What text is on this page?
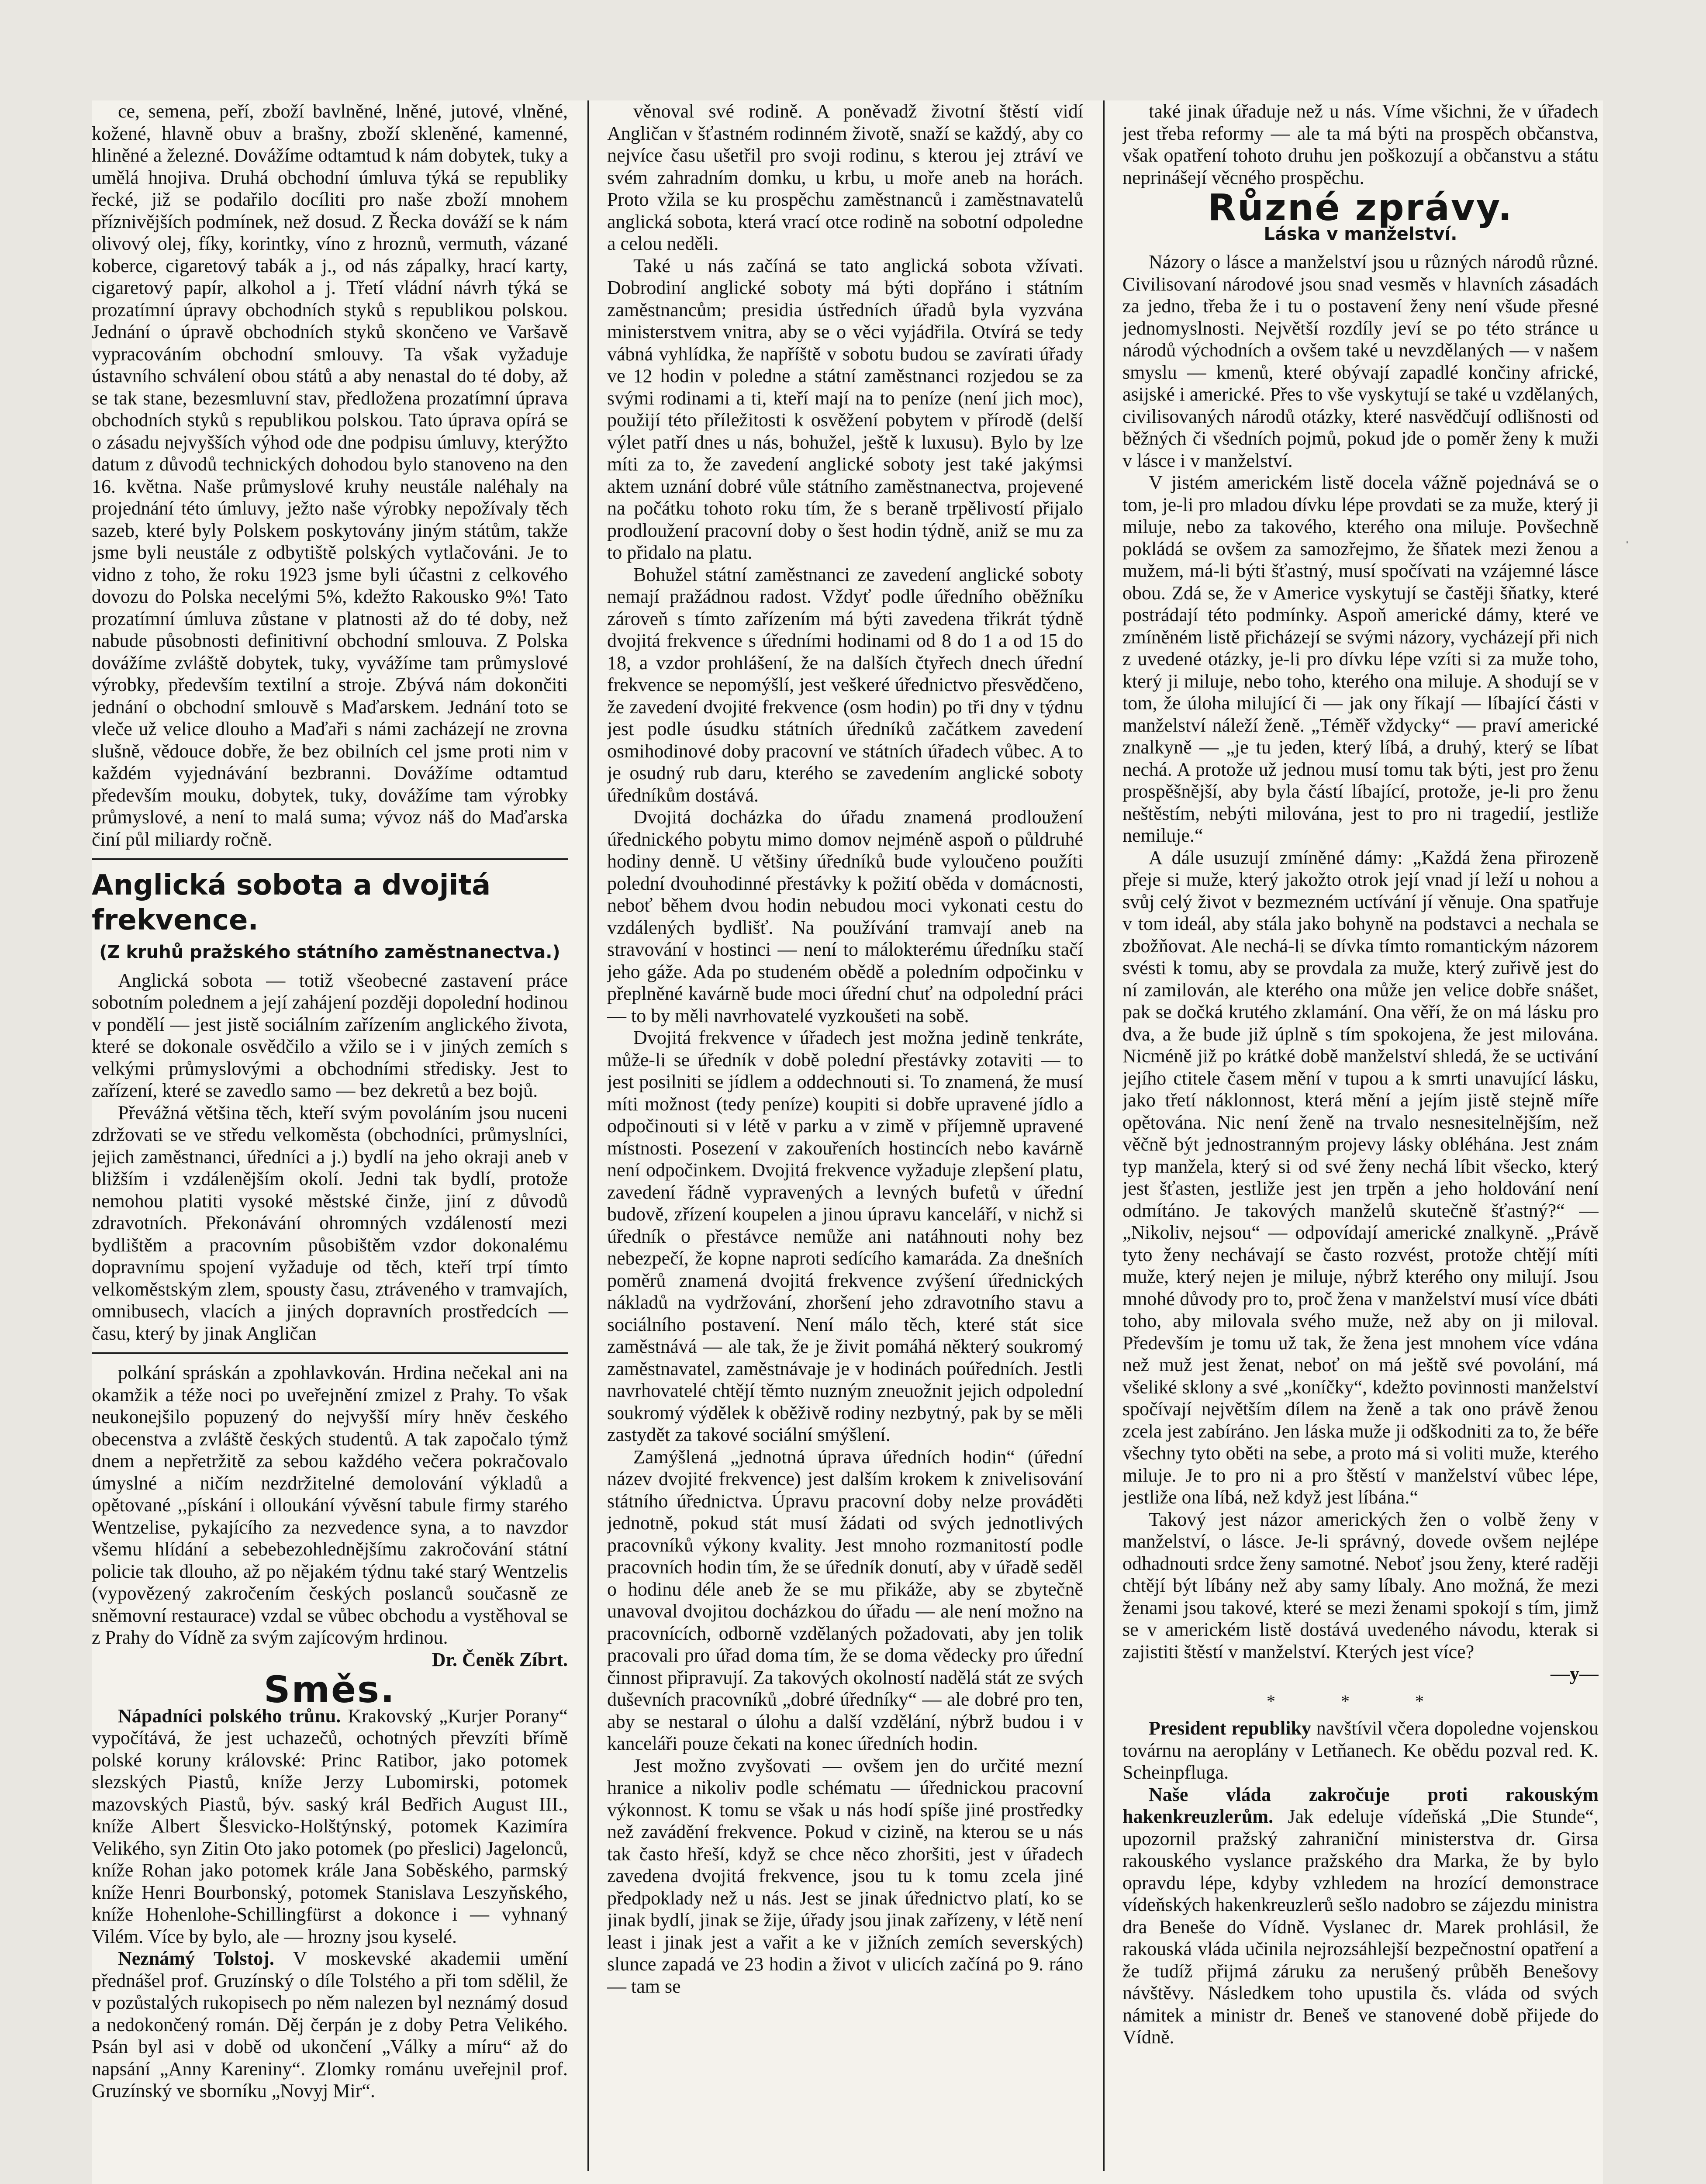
ce, semena, peří, zboží bavlněné, lněné, jutové, vlněné, kožené, hlavně obuv a brašny, zboží skleněné, kamenné, hliněné a železné. Dovážíme odtamtud k nám dobytek, tuky a umělá hnojiva. Druhá obchodní úmluva týká se republiky řecké, již se podařilo docíliti pro naše zboží mnohem příznivějších podmínek, než dosud. Z Řecka dováží se k nám olivový olej, fíky, korintky, víno z hroznů, vermuth, vázané koberce, cigaretový tabák a j., od nás zápalky, hrací karty, cigaretový papír, alkohol a j. Třetí vládní návrh týká se prozatímní úpravy obchodních styků s republikou polskou. Jednání o úpravě obchodních styků skončeno ve Varšavě vypracováním obchodní smlouvy. Ta však vyžaduje ústavního schválení obou států a aby nenastal do té doby, až se tak stane, bezesmluvní stav, předložena prozatímní úprava obchodních styků s republikou polskou. Tato úprava opírá se o zásadu nejvyšších výhod ode dne podpisu úmluvy, kterýžto datum z důvodů technických dohodou bylo stanoveno na den 16. května. Naše průmyslové kruhy neustále naléhaly na projednání této úmluvy, ježto naše výrobky nepožívaly těch sazeb, které byly Polskem poskytovány jiným státům, takže jsme byli neustále z odbytiště polských vytlačováni. Je to vidno z toho, že roku 1923 jsme byli účastni z celkového dovozu do Polska necelými 5%, kdežto Rakousko 9%! Tato prozatímní úmluva zůstane v platnosti až do té doby, než nabude působnosti definitivní obchodní smlouva. Z Polska dovážíme zvláště dobytek, tuky, vyvážíme tam průmyslové výrobky, především textilní a stroje. Zbývá nám dokončiti jednání o obchodní smlouvě s Maďarskem. Jednání toto se vleče už velice dlouho a Maďaři s námi zacházejí ne zrovna slušně, vědouce dobře, že bez obilních cel jsme proti nim v každém vyjednávání bezbranni. Dovážíme odtamtud především mouku, dobytek, tuky, dovážíme tam výrobky průmyslové, a není to malá suma; vývoz náš do Maďarska činí půl miliardy ročně.

Anglická sobota a dvojitá frekvence.
(Z kruhů pražského státního zaměstnanectva.)

Anglická sobota — totiž všeobecné zastavení práce sobotním polednem a její zahájení později dopolední hodinou v pondělí — jest jistě sociálním zařízením anglického života, které se dokonale osvědčilo a vžilo se i v jiných zemích s velkými průmyslovými a obchodními středisky. Jest to zařízení, které se zavedlo samo — bez dekretů a bez bojů.

Převážná většina těch, kteří svým povoláním jsou nuceni zdržovati se ve středu velkoměsta (obchodníci, průmyslníci, jejich zaměstnanci, úředníci a j.) bydlí na jeho okraji aneb v bližším i vzdálenějším okolí. Jedni tak bydlí, protože nemohou platiti vysoké městské činže, jiní z důvodů zdravotních. Překonávání ohromných vzdáleností mezi bydlištěm a pracovním působištěm vzdor dokonalému dopravnímu spojení vyžaduje od těch, kteří trpí tímto velkoměstským zlem, spousty času, ztráveného v tramvajích, omnibusech, vlacích a jiných dopravních prostředcích — času, který by jinak Angličan

polkání spráskán a zpohlavkován. Hrdina nečekal ani na okamžik a téže noci po uveřejnění zmizel z Prahy. To však neukonejšilo popuzený do nejvyšší míry hněv českého obecenstva a zvláště českých studentů. A tak započalo týmž dnem a nepřetržitě za sebou každého večera pokračovalo úmyslné a ničím nezdržitelné demolování výkladů a opětované ,,pískání i olloukání vývěsní tabule firmy starého Wentzelise, pykajícího za nezvedence syna, a to navzdor všemu hlídání a sebebezohlednějšímu zakročování státní policie tak dlouho, až po nějakém týdnu také starý Wentzelis (vypovězený zakročením českých poslanců současně ze sněmovní restaurace) vzdal se vůbec obchodu a vystěhoval se z Prahy do Vídně za svým zajícovým hrdinou.

Dr. Čeněk Zíbrt.
Směs.

Nápadníci polského trůnu. Krakovský „Kurjer Porany“ vypočítává, že jest uchazečů, ochotných převzíti břímě polské koruny královské: Princ Ratibor, jako potomek slezských Piastů, kníže Jerzy Lubomirski, potomek mazovských Piastů, býv. saský král Bedřich August III., kníže Albert Šlesvicko-Holštýnský, potomek Kazimíra Velikého, syn Zitin Oto jako potomek (po přeslici) Jagelonců, kníže Rohan jako potomek krále Jana Soběského, parmský kníže Henri Bourbonský, potomek Stanislava Leszyňského, kníže Hohenlohe-Schillingfürst a dokonce i — vyhnaný Vilém. Více by bylo, ale — hrozny jsou kyselé.

Neznámý Tolstoj. V moskevské akademii umění přednášel prof. Gruzínský o díle Tolstého a při tom sdělil, že v pozůstalých rukopisech po něm nalezen byl neznámý dosud a nedokončený román. Děj čerpán je z doby Petra Velikého. Psán byl asi v době od ukončení „Války a míru“ až do napsání „Anny Kareniny“. Zlomky románu uveřejnil prof. Gruzínský ve sborníku „Novyj Mir“.

věnoval své rodině. A poněvadž životní štěstí vidí Angličan v šťastném rodinném životě, snaží se každý, aby co nejvíce času ušetřil pro svoji rodinu, s kterou jej ztráví ve svém zahradním domku, u krbu, u moře aneb na horách. Proto vžila se ku prospěchu zaměstnanců i zaměstnavatelů anglická sobota, která vrací otce rodině na sobotní odpoledne a celou neděli.

Také u nás začíná se tato anglická sobota vžívati. Dobrodiní anglické soboty má býti dopřáno i státním zaměstnancům; presidia ústředních úřadů byla vyzvána ministerstvem vnitra, aby se o věci vyjádřila. Otvírá se tedy vábná vyhlídka, že napříště v sobotu budou se zavírati úřady ve 12 hodin v poledne a státní zaměstnanci rozjedou se za svými rodinami a ti, kteří mají na to peníze (není jich moc), použijí této příležitosti k osvěžení pobytem v přírodě (delší výlet patří dnes u nás, bohužel, ještě k luxusu). Bylo by lze míti za to, že zavedení anglické soboty jest také jakýmsi aktem uznání dobré vůle státního zaměstnanectva, projevené na počátku tohoto roku tím, že s beraně trpělivostí přijalo prodloužení pracovní doby o šest hodin týdně, aniž se mu za to přidalo na platu.

Bohužel státní zaměstnanci ze zavedení anglické soboty nemají pražádnou radost. Vždyť podle úředního oběžníku zároveň s tímto zařízením má býti zavedena třikrát týdně dvojitá frekvence s úředními hodinami od 8 do 1 a od 15 do 18, a vzdor prohlášení, že na dalších čtyřech dnech úřední frekvence se nepomýšlí, jest veškeré úřednictvo přesvědčeno, že zavedení dvojité frekvence (osm hodin) po tři dny v týdnu jest podle úsudku státních úředníků začátkem zavedení osmihodinové doby pracovní ve státních úřadech vůbec. A to je osudný rub daru, kterého se zavedením anglické soboty úředníkům dostává.

Dvojitá docházka do úřadu znamená prodloužení úřednického pobytu mimo domov nejméně aspoň o půldruhé hodiny denně. U většiny úředníků bude vyloučeno použíti polední dvouhodinné přestávky k požití oběda v domácnosti, neboť během dvou hodin nebudou moci vykonati cestu do vzdálených bydlišť. Na používání tramvají aneb na stravování v hostinci — není to málokterému úředníku stačí jeho gáže. Ada po studeném obědě a poledním odpočinku v přeplněné kavárně bude moci úřední chuť na odpolední práci — to by měli navrhovatelé vyzkoušeti na sobě.

Dvojitá frekvence v úřadech jest možna jedině tenkráte, může-li se úředník v době polední přestávky zotaviti — to jest posilniti se jídlem a oddechnouti si. To znamená, že musí míti možnost (tedy peníze) koupiti si dobře upravené jídlo a odpočinouti si v létě v parku a v zimě v příjemně upravené místnosti. Posezení v zakouřeních hostincích nebo kavárně není odpočinkem. Dvojitá frekvence vyžaduje zlepšení platu, zavedení řádně vypravených a levných bufetů v úřední budově, zřízení koupelen a jinou úpravu kanceláří, v nichž si úředník o přestávce nemůže ani natáhnouti nohy bez nebezpečí, že kopne naproti sedícího kamaráda. Za dnešních poměrů znamená dvojitá frekvence zvýšení úřednických nákladů na vydržování, zhoršení jeho zdravotního stavu a sociálního postavení. Není málo těch, které stát sice zaměstnává — ale tak, že je živit pomáhá některý soukromý zaměstnavatel, zaměstnávaje je v hodinách poúředních. Jestli navrhovatelé chtějí těmto nuzným zneuožnit jejich odpolední soukromý výdělek k oběživě rodiny nezbytný, pak by se měli zastydět za takové sociální smýšlení.

Zamýšlená „jednotná úprava úředních hodin“ (úřední název dvojité frekvence) jest dalším krokem k znivelisování státního úřednictva. Úpravu pracovní doby nelze prováděti jednotně, pokud stát musí žádati od svých jednotlivých pracovníků výkony kvality. Jest mnoho rozmanitostí podle pracovních hodin tím, že se úředník donutí, aby v úřadě seděl o hodinu déle aneb že se mu přikáže, aby se zbytečně unavoval dvojitou docházkou do úřadu — ale není možno na pracovnících, odborně vzdělaných požadovati, aby jen tolik pracovali pro úřad doma tím, že se doma vědecky pro úřední činnost připravují. Za takových okolností nadělá stát ze svých duševních pracovníků „dobré úředníky“ — ale dobré pro ten, aby se nestaral o úlohu a další vzdělání, nýbrž budou i v kanceláři pouze čekati na konec úředních hodin.

Jest možno zvyšovati — ovšem jen do určité mezní hranice a nikoliv podle schématu — úřednickou pracovní výkonnost. K tomu se však u nás hodí spíše jiné prostředky než zavádění frekvence. Pokud v cizině, na kterou se u nás tak často hřeší, když se chce něco zhoršiti, jest v úřadech zavedena dvojitá frekvence, jsou tu k tomu zcela jiné předpoklady než u nás. Jest se jinak úřednictvo platí, ko se jinak bydlí, jinak se žije, úřady jsou jinak zařízeny, v létě není least i jinak jest a vařit a ke v jižních zemích severských) slunce zapadá ve 23 hodin a život v ulicích začíná po 9. ráno — tam se

také jinak úřaduje než u nás. Víme všichni, že v úřadech jest třeba reformy — ale ta má býti na prospěch občanstva, však opatření tohoto druhu jen poškozují a občanstvu a státu neprinášejí věcného prospěchu.

Různé zprávy.
Láska v manželství.

Názory o lásce a manželství jsou u různých národů různé. Civilisovaní národové jsou snad vesměs v hlavních zásadách za jedno, třeba že i tu o postavení ženy není všude přesné jednomyslnosti. Největší rozdíly jeví se po této stránce u národů východních a ovšem také u nevzdělaných — v našem smyslu — kmenů, které obývají zapadlé končiny africké, asijské i americké. Přes to vše vyskytují se také u vzdělaných, civilisovaných národů otázky, které nasvědčují odlišnosti od běžných či všedních pojmů, pokud jde o poměr ženy k muži v lásce i v manželství.

V jistém americkém listě docela vážně pojednává se o tom, je-li pro mladou dívku lépe provdati se za muže, který ji miluje, nebo za takového, kterého ona miluje. Povšechně pokládá se ovšem za samozřejmo, že šňatek mezi ženou a mužem, má-li býti šťastný, musí spočívati na vzájemné lásce obou. Zdá se, že v Americe vyskytují se častěji šňatky, které postrádají této podmínky. Aspoň americké dámy, které ve zmíněném listě přicházejí se svými názory, vycházejí při nich z uvedené otázky, je-li pro dívku lépe vzíti si za muže toho, který ji miluje, nebo toho, kterého ona miluje. A shodují se v tom, že úloha milující či — jak ony říkají — líbající části v manželství náleží ženě. „Téměř vždycky“ — praví americké znalkyně — „je tu jeden, který líbá, a druhý, který se líbat nechá. A protože už jednou musí tomu tak býti, jest pro ženu prospěšnější, aby byla částí líbající, protože, je-li pro ženu neštěstím, nebýti milována, jest to pro ni tragedií, jestliže nemiluje.“

A dále usuzují zmíněné dámy: „Každá žena přirozeně přeje si muže, který jakožto otrok její vnad jí leží u nohou a svůj celý život v bezmezném uctívání jí věnuje. Ona spatřuje v tom ideál, aby stála jako bohyně na podstavci a nechala se zbožňovat. Ale nechá-li se dívka tímto romantickým názorem svésti k tomu, aby se provdala za muže, který zuřivě jest do ní zamilován, ale kterého ona může jen velice dobře snášet, pak se dočká krutého zklamání. Ona věří, že on má lásku pro dva, a že bude již úplně s tím spokojena, že jest milována. Nicméně již po krátké době manželství shledá, že se uctivání jejího ctitele časem mění v tupou a k smrti unavující lásku, jako třetí náklonnost, která mění a jejím jistě stejně míře opětována. Nic není ženě na trvalo nesnesitelnějším, než věčně být jednostranným projevy lásky obléhána. Jest znám typ manžela, který si od své ženy nechá líbit všecko, který jest šťasten, jestliže jest jen trpěn a jeho holdování není odmítáno. Je takových manželů skutečně šťastný?“ — „Nikoliv, nejsou“ — odpovídají americké znalkyně. „Právě tyto ženy nechávají se často rozvést, protože chtějí míti muže, který nejen je miluje, nýbrž kterého ony milují. Jsou mnohé důvody pro to, proč žena v manželství musí více dbáti toho, aby milovala svého muže, než aby on ji miloval. Především je tomu už tak, že žena jest mnohem více vdána než muž jest ženat, neboť on má ještě své povolání, má všeliké sklony a své „koníčky“, kdežto povinnosti manželství spočívají největším dílem na ženě a tak ono právě ženou zcela jest zabíráno. Jen láska muže ji odškodniti za to, že béře všechny tyto oběti na sebe, a proto má si voliti muže, kterého miluje. Je to pro ni a pro štěstí v manželství vůbec lépe, jestliže ona líbá, než když jest líbána.“

Takový jest názor amerických žen o volbě ženy v manželství, o lásce. Je-li správný, dovede ovšem nejlépe odhadnouti srdce ženy samotné. Neboť jsou ženy, které raději chtějí být líbány než aby samy líbaly. Ano možná, že mezi ženami jsou takové, které se mezi ženami spokojí s tím, jimž se v americkém listě dostává uvedeného návodu, kterak si zajistiti štěstí v manželství. Kterých jest více?

—y—
* * *

President republiky navštívil včera dopoledne vojenskou továrnu na aeroplány v Letňanech. Ke obědu pozval red. K. Scheinpfluga.

Naše vláda zakročuje proti rakouským hakenkreuzlerům. Jak edeluje vídeňská „Die Stunde“, upozornil pražský zahraniční ministerstva dr. Girsa rakouského vyslance pražského dra Marka, že by bylo opravdu lépe, kdyby vzhledem na hrozící demonstrace vídeňských hakenkreuzlerů sešlo nadobro se zájezdu ministra dra Beneše do Vídně. Vyslanec dr. Marek prohlásil, že rakouská vláda učinila nejrozsáhlejší bezpečnostní opatření a že tudíž přijmá záruku za nerušený průběh Benešovy návštěvy. Následkem toho upustila čs. vláda od svých námitek a ministr dr. Beneš ve stanovené době přijede do Vídně.

·
